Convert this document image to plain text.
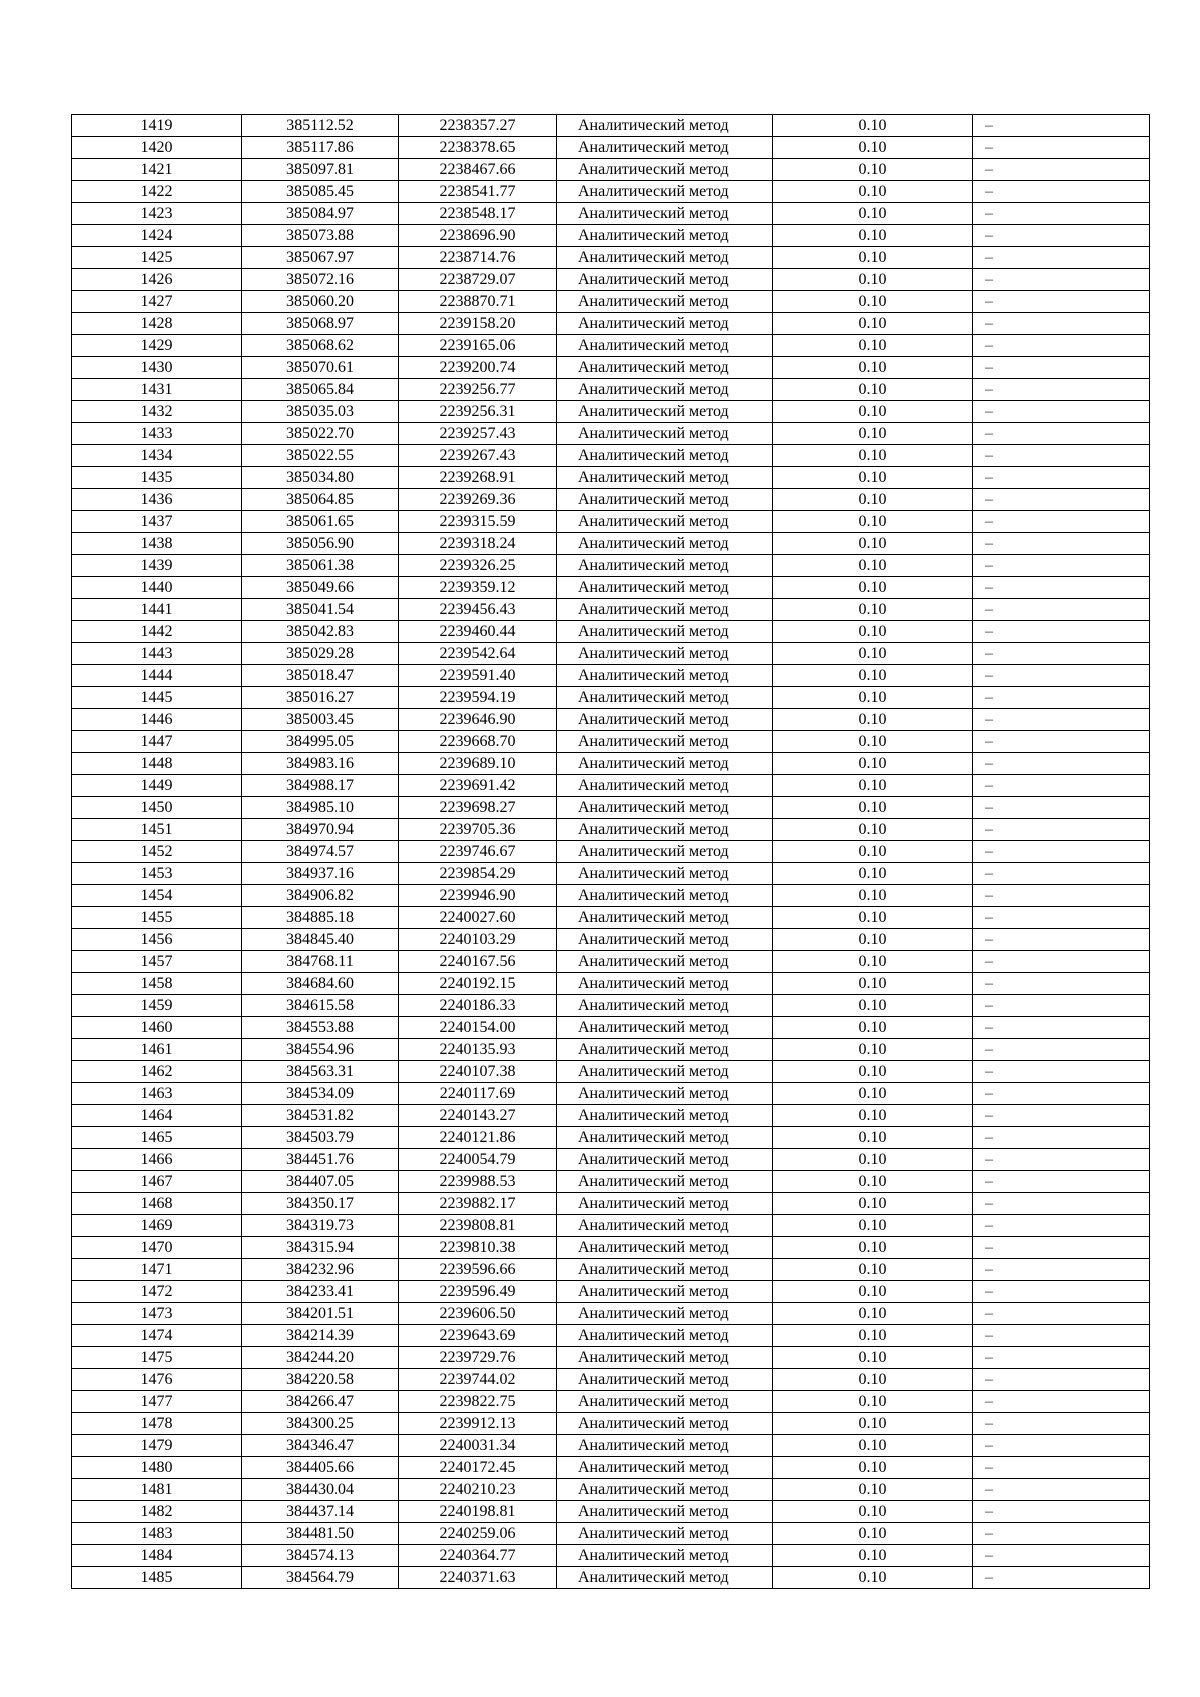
1419	385112.52	2238357.27	Аналитический метод	0.10	–
1420	385117.86	2238378.65	Аналитический метод	0.10	–
1421	385097.81	2238467.66	Аналитический метод	0.10	–
1422	385085.45	2238541.77	Аналитический метод	0.10	–
1423	385084.97	2238548.17	Аналитический метод	0.10	–
1424	385073.88	2238696.90	Аналитический метод	0.10	–
1425	385067.97	2238714.76	Аналитический метод	0.10	–
1426	385072.16	2238729.07	Аналитический метод	0.10	–
1427	385060.20	2238870.71	Аналитический метод	0.10	–
1428	385068.97	2239158.20	Аналитический метод	0.10	–
1429	385068.62	2239165.06	Аналитический метод	0.10	–
1430	385070.61	2239200.74	Аналитический метод	0.10	–
1431	385065.84	2239256.77	Аналитический метод	0.10	–
1432	385035.03	2239256.31	Аналитический метод	0.10	–
1433	385022.70	2239257.43	Аналитический метод	0.10	–
1434	385022.55	2239267.43	Аналитический метод	0.10	–
1435	385034.80	2239268.91	Аналитический метод	0.10	–
1436	385064.85	2239269.36	Аналитический метод	0.10	–
1437	385061.65	2239315.59	Аналитический метод	0.10	–
1438	385056.90	2239318.24	Аналитический метод	0.10	–
1439	385061.38	2239326.25	Аналитический метод	0.10	–
1440	385049.66	2239359.12	Аналитический метод	0.10	–
1441	385041.54	2239456.43	Аналитический метод	0.10	–
1442	385042.83	2239460.44	Аналитический метод	0.10	–
1443	385029.28	2239542.64	Аналитический метод	0.10	–
1444	385018.47	2239591.40	Аналитический метод	0.10	–
1445	385016.27	2239594.19	Аналитический метод	0.10	–
1446	385003.45	2239646.90	Аналитический метод	0.10	–
1447	384995.05	2239668.70	Аналитический метод	0.10	–
1448	384983.16	2239689.10	Аналитический метод	0.10	–
1449	384988.17	2239691.42	Аналитический метод	0.10	–
1450	384985.10	2239698.27	Аналитический метод	0.10	–
1451	384970.94	2239705.36	Аналитический метод	0.10	–
1452	384974.57	2239746.67	Аналитический метод	0.10	–
1453	384937.16	2239854.29	Аналитический метод	0.10	–
1454	384906.82	2239946.90	Аналитический метод	0.10	–
1455	384885.18	2240027.60	Аналитический метод	0.10	–
1456	384845.40	2240103.29	Аналитический метод	0.10	–
1457	384768.11	2240167.56	Аналитический метод	0.10	–
1458	384684.60	2240192.15	Аналитический метод	0.10	–
1459	384615.58	2240186.33	Аналитический метод	0.10	–
1460	384553.88	2240154.00	Аналитический метод	0.10	–
1461	384554.96	2240135.93	Аналитический метод	0.10	–
1462	384563.31	2240107.38	Аналитический метод	0.10	–
1463	384534.09	2240117.69	Аналитический метод	0.10	–
1464	384531.82	2240143.27	Аналитический метод	0.10	–
1465	384503.79	2240121.86	Аналитический метод	0.10	–
1466	384451.76	2240054.79	Аналитический метод	0.10	–
1467	384407.05	2239988.53	Аналитический метод	0.10	–
1468	384350.17	2239882.17	Аналитический метод	0.10	–
1469	384319.73	2239808.81	Аналитический метод	0.10	–
1470	384315.94	2239810.38	Аналитический метод	0.10	–
1471	384232.96	2239596.66	Аналитический метод	0.10	–
1472	384233.41	2239596.49	Аналитический метод	0.10	–
1473	384201.51	2239606.50	Аналитический метод	0.10	–
1474	384214.39	2239643.69	Аналитический метод	0.10	–
1475	384244.20	2239729.76	Аналитический метод	0.10	–
1476	384220.58	2239744.02	Аналитический метод	0.10	–
1477	384266.47	2239822.75	Аналитический метод	0.10	–
1478	384300.25	2239912.13	Аналитический метод	0.10	–
1479	384346.47	2240031.34	Аналитический метод	0.10	–
1480	384405.66	2240172.45	Аналитический метод	0.10	–
1481	384430.04	2240210.23	Аналитический метод	0.10	–
1482	384437.14	2240198.81	Аналитический метод	0.10	–
1483	384481.50	2240259.06	Аналитический метод	0.10	–
1484	384574.13	2240364.77	Аналитический метод	0.10	–
1485	384564.79	2240371.63	Аналитический метод	0.10	–
